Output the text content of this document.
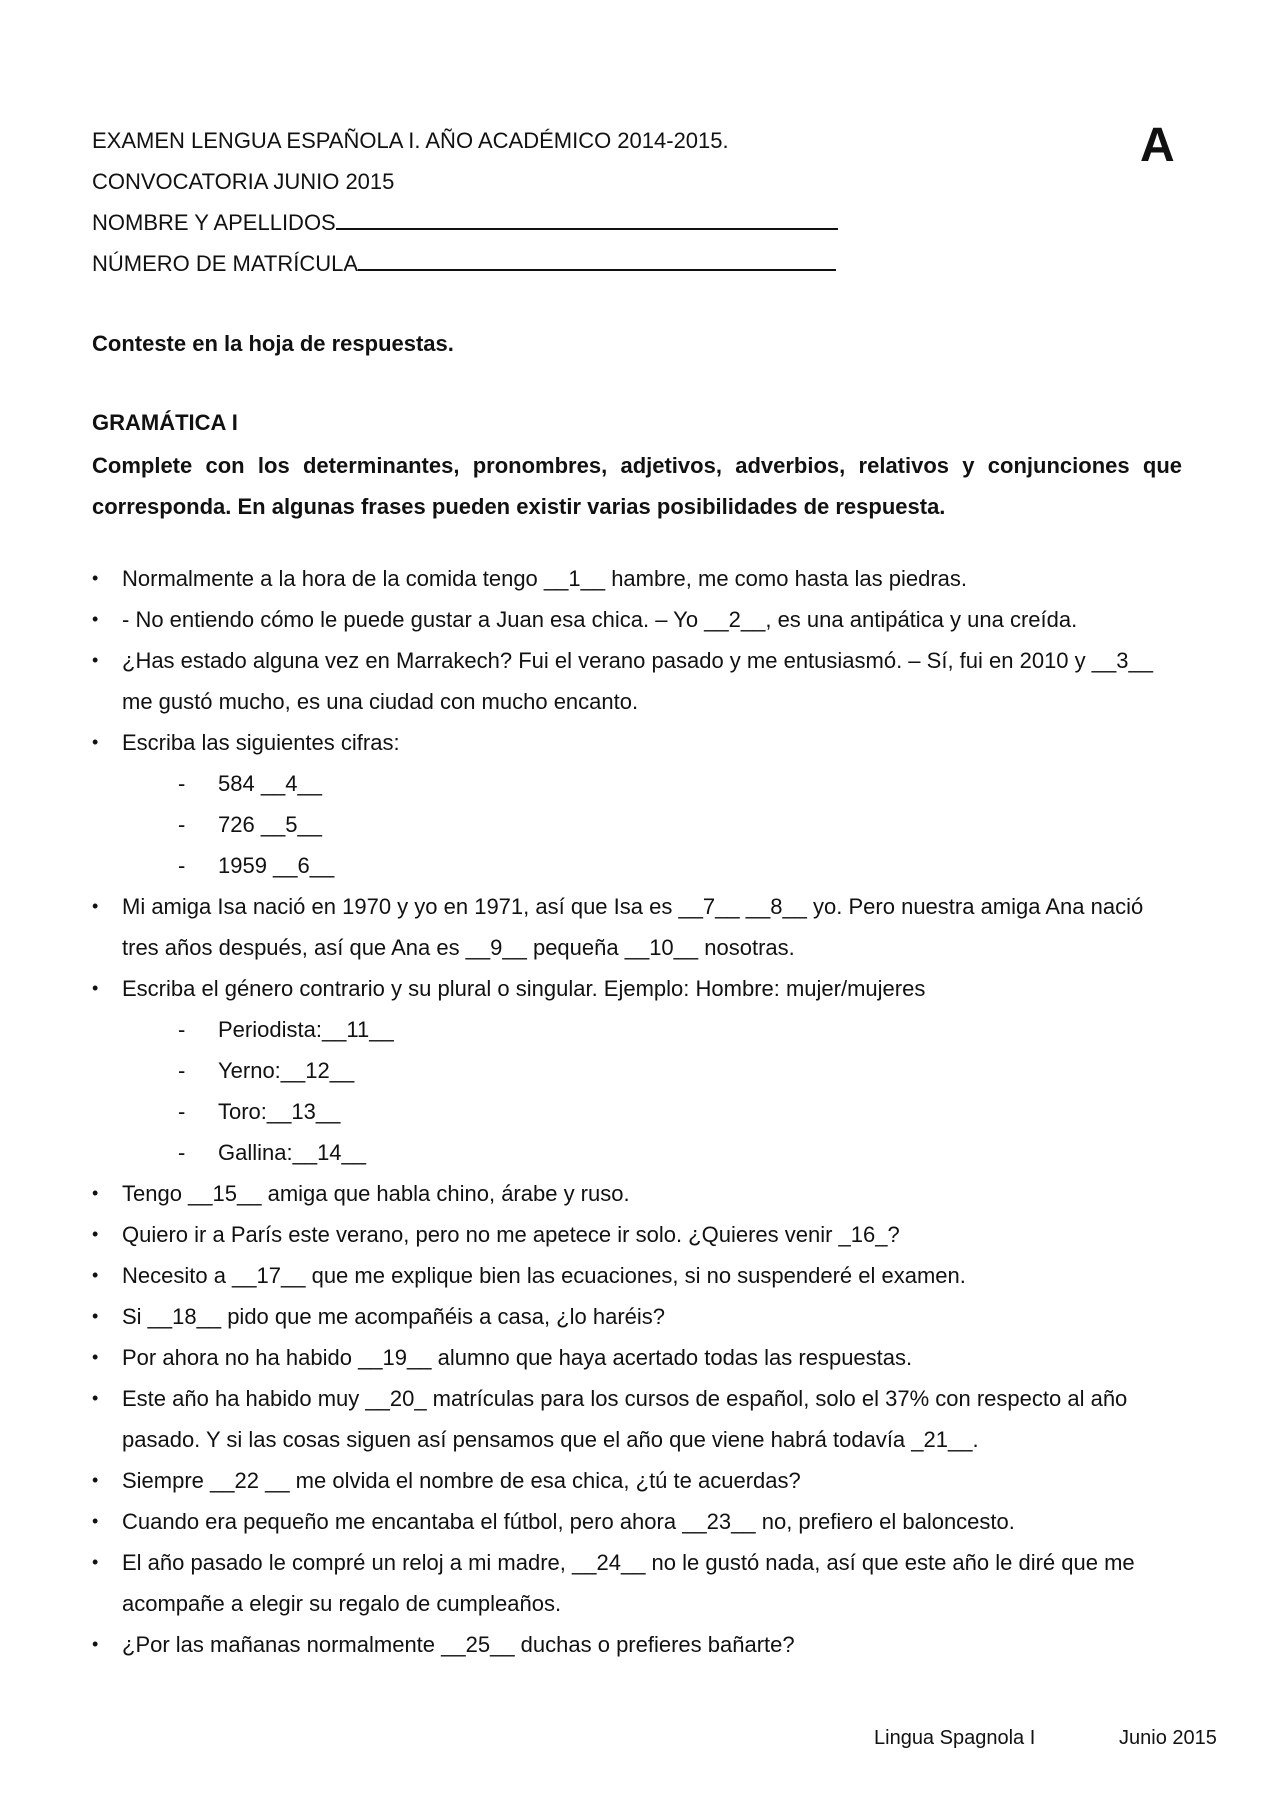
EXAMEN LENGUA ESPAÑOLA I. AÑO ACADÉMICO 2014-2015.
CONVOCATORIA JUNIO 2015
NOMBRE Y APELLIDOS
NÚMERO DE MATRÍCULA
A
Conteste en la hoja de respuestas.
GRAMÁTICA I
Complete con los determinantes, pronombres, adjetivos, adverbios, relativos y conjunciones que corresponda. En algunas frases pueden existir varias posibilidades de respuesta.
• Normalmente a la hora de la comida tengo __1__ hambre, me como hasta las piedras.
• - No entiendo cómo le puede gustar a Juan esa chica. – Yo __2__, es una antipática y una creída.
• ¿Has estado alguna vez en Marrakech? Fui el verano pasado y me entusiasmó. – Sí, fui en 2010 y __3__ me gustó mucho, es una ciudad con mucho encanto.
• Escriba las siguientes cifras:
- 584 __4__
- 726 __5__
- 1959 __6__
• Mi amiga Isa nació en 1970 y yo en 1971, así que Isa es __7__ __8__ yo. Pero nuestra amiga Ana nació tres años después, así que Ana es __9__ pequeña __10__ nosotras.
• Escriba el género contrario y su plural o singular. Ejemplo: Hombre: mujer/mujeres
- Periodista:__11__
- Yerno:__12__
- Toro:__13__
- Gallina:__14__
• Tengo __15__ amiga que habla chino, árabe y ruso.
• Quiero ir a París este verano, pero no me apetece ir solo. ¿Quieres venir _16_?
• Necesito a __17__ que me explique bien las ecuaciones, si no suspenderé el examen.
• Si __18__ pido que me acompañéis a casa, ¿lo haréis?
• Por ahora no ha habido __19__ alumno que haya acertado todas las respuestas.
• Este año ha habido muy __20_ matrículas para los cursos de español, solo el 37% con respecto al año pasado. Y si las cosas siguen así pensamos que el año que viene habrá todavía _21__.
• Siempre __22 __ me olvida el nombre de esa chica, ¿tú te acuerdas?
• Cuando era pequeño me encantaba el fútbol, pero ahora __23__ no, prefiero el baloncesto.
• El año pasado le compré un reloj a mi madre, __24__ no le gustó nada, así que este año le diré que me acompañe a elegir su regalo de cumpleaños.
• ¿Por las mañanas normalmente __25__ duchas o prefieres bañarte?
Lingua Spagnola I	Junio 2015
